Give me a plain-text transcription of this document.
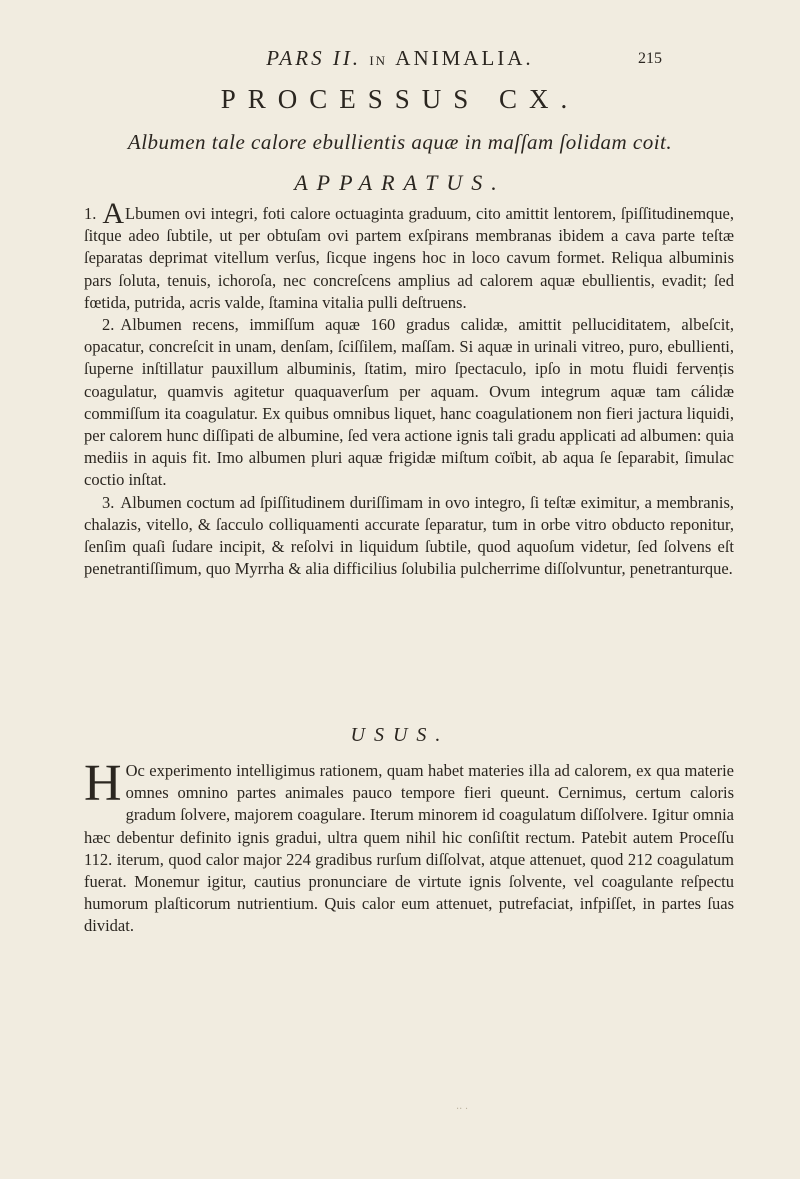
PARS II. IN ANIMALIA.	215
PROCESSUS CX.
Albumen tale calore ebullientis aquæ in maſſam ſolidam coit.
APPARATUS.

1. ALbumen ovi integri, foti calore octuaginta graduum, cito amittit lentorem, ſpiſſitudinemque, ſitque adeo ſubtile, ut per obtuſam ovi partem exſpirans membranas ibidem a cava parte teſtæ ſeparatas deprimat vitellum verſus, ſicque ingens hoc in loco cavum formet. Reliqua albuminis pars ſoluta, tenuis, ichoroſa, nec concreſcens amplius ad calorem aquæ ebullientis, evadit; ſed fœtida, putrida, acris valde, ſtamina vitalia pulli deſtruens.

2. Albumen recens, immiſſum aquæ 160 gradus calidæ, amittit pelluciditatem, albeſcit, opacatur, concreſcit in unam, denſam, ſciſſilem, maſſam. Si aquæ in urinali vitreo, puro, ebullienti, ſuperne inſtillatur pauxillum albuminis, ſtatim, miro ſpectaculo, ipſo in motu fluidi fervențis coagulatur, quamvis agitetur quaquaverſum per aquam. Ovum integrum aquæ tam cálidæ commiſſum ita coagulatur. Ex quibus omnibus liquet, hanc coagulationem non fieri jactura liquidi, per calorem hunc diſſipati de albumine, ſed vera actione ignis tali gradu applicati ad albumen: quia mediis in aquis fit. Imo albumen pluri aquæ frigidæ miſtum coïbit, ab aqua ſe ſeparabit, ſimulac coctio inſtat.

3. Albumen coctum ad ſpiſſitudinem duriſſimam in ovo integro, ſi teſtæ eximitur, a membranis, chalazis, vitello, & ſacculo colliquamenti accurate ſeparatur, tum in orbe vitro obducto reponitur, ſenſim quaſi ſudare incipit, & reſolvi in liquidum ſubtile, quod aquoſum videtur, ſed ſolvens eſt penetrantiſſimum, quo Myrrha & alia difficilius ſolubilia pulcherrime diſſolvuntur, penetranturque.

USUS.

H Oc experimento intelligimus rationem, quam habet materies illa ad calorem, ex qua materie omnes omnino partes animales pauco tempore fieri queunt. Cernimus, certum caloris gradum ſolvere, majorem coagulare. Iterum minorem id coagulatum diſſolvere. Igitur omnia hæc debentur definito ignis gradui, ultra quem nihil hic conſiſtit rectum. Patebit autem Proceſſu 112. iterum, quod calor major 224 gradibus rurſum diſſolvat, atque attenuet, quod 212 coagulatum fuerat. Monemur igitur, cautius pronunciare de virtute ignis ſolvente, vel coagulante reſpectu humorum plaſticorum nutrientium. Quis calor eum attenuet, putrefaciat, infpiſſet, in partes ſuas dividat.

‧‧ ·
